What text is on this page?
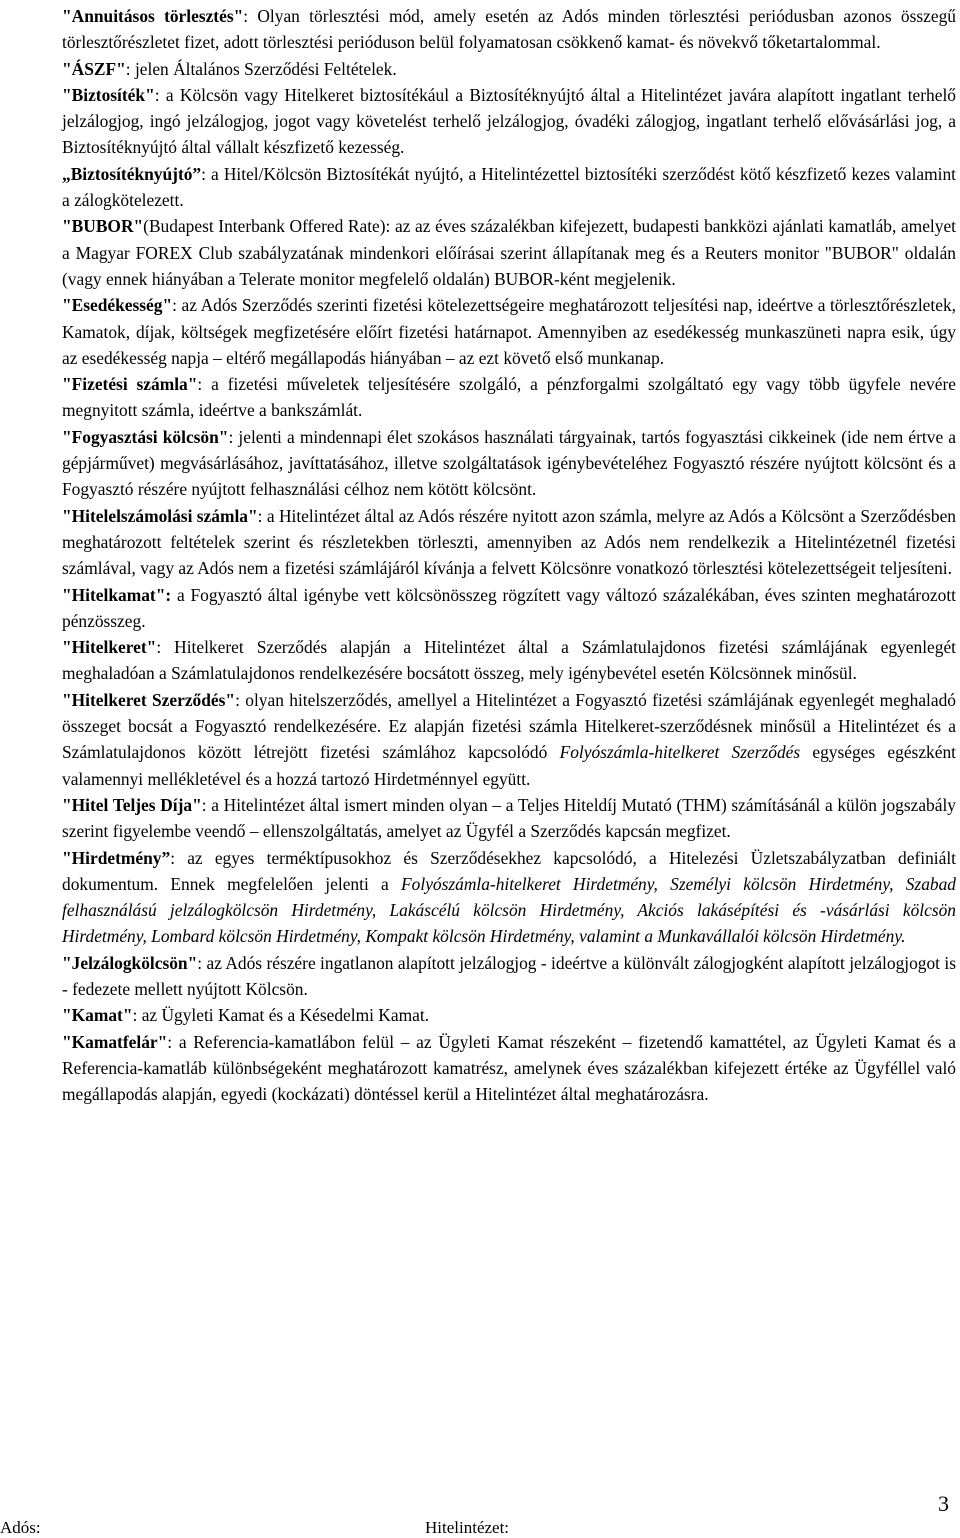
"Annuitásos törlesztés": Olyan törlesztési mód, amely esetén az Adós minden törlesztési periódusban azonos összegű törlesztőrészletet fizet, adott törlesztési perióduson belül folyamatosan csökkenő kamat- és növekvő tőketartalommal.

"ÁSZF": jelen Általános Szerződési Feltételek.

"Biztosíték": a Kölcsön vagy Hitelkeret biztosítékául a Biztosítéknyújtó által a Hitelintézet javára alapított ingatlant terhelő jelzálogjog, ingó jelzálogjog, jogot vagy követelést terhelő jelzálogjog, óvadéki zálogjog, ingatlant terhelő elővásárlási jog, a Biztosítéknyújtó által vállalt készfizető kezesség.

„Biztosítéknyújtó”: a Hitel/Kölcsön Biztosítékát nyújtó, a Hitelintézettel biztosítéki szerződést kötő készfizető kezes valamint a zálogkötelezett.

"BUBOR"(Budapest Interbank Offered Rate): az az éves százalékban kifejezett, budapesti bankközi ajánlati kamatláb, amelyet a Magyar FOREX Club szabályzatának mindenkori előírásai szerint állapítanak meg és a Reuters monitor "BUBOR" oldalán (vagy ennek hiányában a Telerate monitor megfelelő oldalán) BUBOR-ként megjelenik.

"Esedékesség": az Adós Szerződés szerinti fizetési kötelezettségeire meghatározott teljesítési nap, ideértve a törlesztőrészletek, Kamatok, díjak, költségek megfizetésére előírt fizetési határnapot. Amennyiben az esedékesség munkaszüneti napra esik, úgy az esedékesség napja – eltérő megállapodás hiányában – az ezt követő első munkanap.

"Fizetési számla": a fizetési műveletek teljesítésére szolgáló, a pénzforgalmi szolgáltató egy vagy több ügyfele nevére megnyitott számla, ideértve a bankszámlát.

"Fogyasztási kölcsön": jelenti a mindennapi élet szokásos használati tárgyainak, tartós fogyasztási cikkeinek (ide nem értve a gépjárművet) megvásárlásához, javíttatásához, illetve szolgáltatások igénybevételéhez Fogyasztó részére nyújtott kölcsönt és a Fogyasztó részére nyújtott felhasználási célhoz nem kötött kölcsönt.

"Hitelelszámolási számla": a Hitelintézet által az Adós részére nyitott azon számla, melyre az Adós a Kölcsönt a Szerződésben meghatározott feltételek szerint és részletekben törleszti, amennyiben az Adós nem rendelkezik a Hitelintézetnél fizetési számlával, vagy az Adós nem a fizetési számlájáról kívánja a felvett Kölcsönre vonatkozó törlesztési kötelezettségeit teljesíteni.

"Hitelkamat": a Fogyasztó által igénybe vett kölcsönösszeg rögzített vagy változó százalékában, éves szinten meghatározott pénzösszeg.

"Hitelkeret": Hitelkeret Szerződés alapján a Hitelintézet által a Számlatulajdonos fizetési számlájának egyenlegét meghaladóan a Számlatulajdonos rendelkezésére bocsátott összeg, mely igénybevétel esetén Kölcsönnek minősül.

"Hitelkeret Szerződés": olyan hitelszerződés, amellyel a Hitelintézet a Fogyasztó fizetési számlájának egyenlegét meghaladó összeget bocsát a Fogyasztó rendelkezésére. Ez alapján fizetési számla Hitelkeret-szerződésnek minősül a Hitelintézet és a Számlatulajdonos között létrejött fizetési számlához kapcsolódó Folyószámla-hitelkeret Szerződés egységes egészként valamennyi mellékletével és a hozzá tartozó Hirdetménnyel együtt.

"Hitel Teljes Díja": a Hitelintézet által ismert minden olyan – a Teljes Hiteldíj Mutató (THM) számításánál a külön jogszabály szerint figyelembe veendő – ellenszolgáltatás, amelyet az Ügyfél a Szerződés kapcsán megfizet.

"Hirdetmény”: az egyes terméktípusokhoz és Szerződésekhez kapcsolódó, a Hitelezési Üzletszabályzatban definiált dokumentum. Ennek megfelelően jelenti a Folyószámla-hitelkeret Hirdetmény, Személyi kölcsön Hirdetmény, Szabad felhasználású jelzálogkölcsön Hirdetmény, Lakáscélú kölcsön Hirdetmény, Akciós lakásépítési és -vásárlási kölcsön Hirdetmény, Lombard kölcsön Hirdetmény, Kompakt kölcsön Hirdetmény, valamint a Munkavállalói kölcsön Hirdetmény.

"Jelzálogkölcsön": az Adós részére ingatlanon alapított jelzálogjog - ideértve a különvált zálogjogként alapított jelzálogjogot is - fedezete mellett nyújtott Kölcsön.

"Kamat": az Ügyleti Kamat és a Késedelmi Kamat.

"Kamatfelár": a Referencia-kamatlábon felül – az Ügyleti Kamat részeként – fizetendő kamattétel, az Ügyleti Kamat és a Referencia-kamatláb különbségeként meghatározott kamatrész, amelynek éves százalékban kifejezett értéke az Ügyféllel való megállapodás alapján, egyedi (kockázati) döntéssel kerül a Hitelintézet által meghatározásra.

3
Adós:	Hitelintézet:
